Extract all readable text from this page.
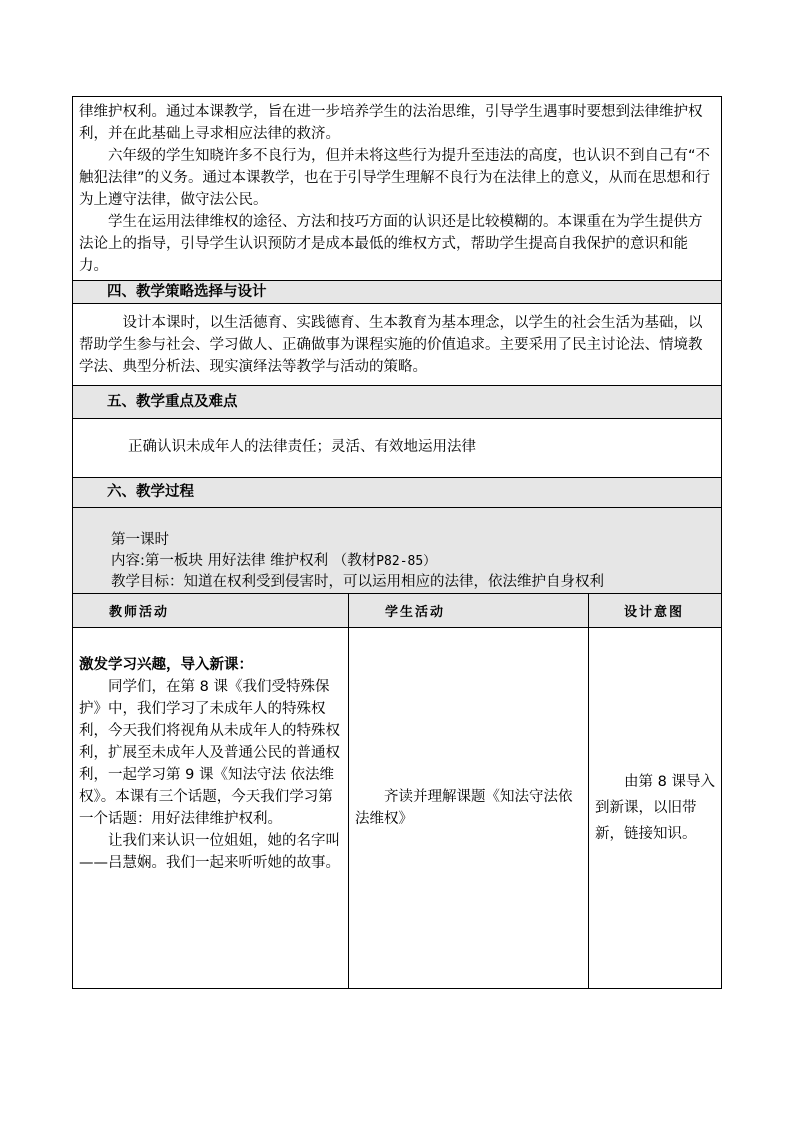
律维护权利。通过本课教学，旨在进一步培养学生的法治思维，引导学生遇事时要想到法律维护权利，并在此基础上寻求相应法律的救济。

六年级的学生知晓许多不良行为，但并未将这些行为提升至违法的高度，也认识不到自己有“不触犯法律”的义务。通过本课教学，也在于引导学生理解不良行为在法律上的意义，从而在思想和行为上遵守法律，做守法公民。

学生在运用法律维权的途径、方法和技巧方面的认识还是比较模糊的。本课重在为学生提供方法论上的指导，引导学生认识预防才是成本最低的维权方式，帮助学生提高自我保护的意识和能力。		

四、教学策略选择与设计		

设计本课时，以生活德育、实践德育、生本教育为基本理念，以学生的社会生活为基础，以帮助学生参与社会、学习做人、正确做事为课程实施的价值追求。主要采用了民主讨论法、情境教学法、典型分析法、现实演绎法等教学与活动的策略。		

五、教学重点及难点		

正确认识未成年人的法律责任；灵活、有效地运用法律		

六、教学过程		

第一课时

内容:第一板块 用好法律 维护权利 （教材P82-85）

教学目标：知道在权利受到侵害时，可以运用相应的法律，依法维护自身权利		

教师活动	学生活动	设计意图

激发学习兴趣，导入新课：

同学们，在第 8 课《我们受特殊保护》中，我们学习了未成年人的特殊权利，今天我们将视角从未成年人的特殊权利，扩展至未成年人及普通公民的普通权利，一起学习第 9 课《知法守法 依法维权》。本课有三个话题，今天我们学习第一个话题：用好法律维护权利。

让我们来认识一位姐姐，她的名字叫——吕慧娴。我们一起来听听她的故事。	齐读并理解课题《知法守法依法维权》	由第 8 课导入到新课，以旧带新，链接知识。
